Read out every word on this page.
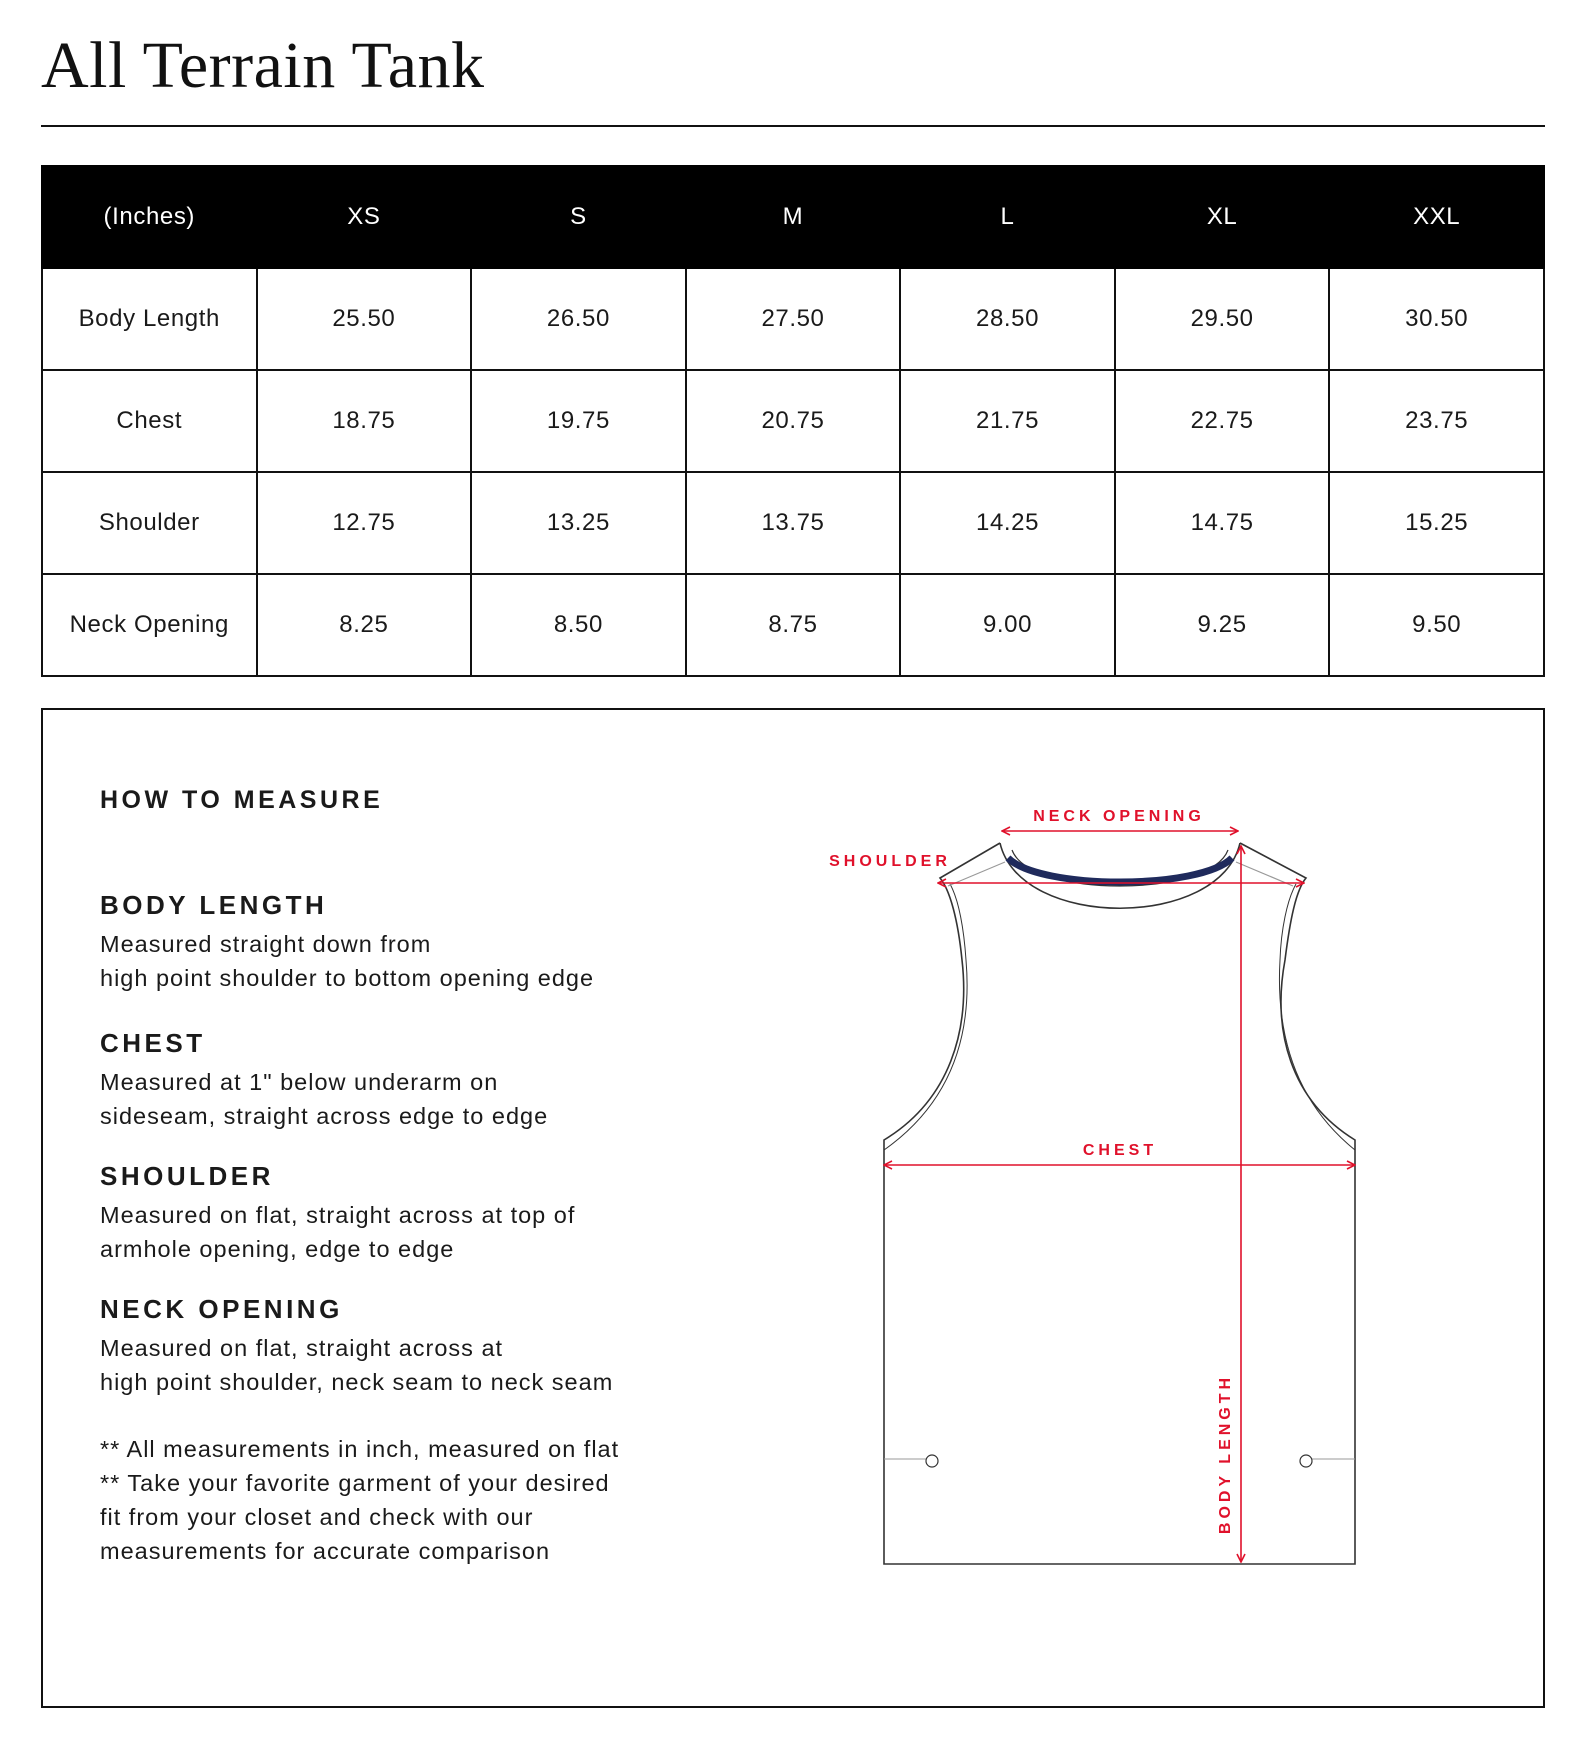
All Terrain Tank
(Inches)	XS	S	M	L	XL	XXL
Body Length	25.50	26.50	27.50	28.50	29.50	30.50
Chest	18.75	19.75	20.75	21.75	22.75	23.75
Shoulder	12.75	13.25	13.75	14.25	14.75	15.25
Neck Opening	8.25	8.50	8.75	9.00	9.25	9.50
HOW TO MEASURE
BODY LENGTH

Measured straight down from

high point shoulder to bottom opening edge

CHEST

Measured at 1" below underarm on

sideseam, straight across edge to edge

SHOULDER

Measured on flat, straight across at top of

armhole opening, edge to edge

NECK OPENING

Measured on flat, straight across at

high point shoulder, neck seam to neck seam

** All measurements in inch, measured on flat

** Take your favorite garment of your desired

fit from your closet and check with our

measurements for accurate comparison

NECK OPENING
SHOULDER
CHEST
BODY LENGTH
